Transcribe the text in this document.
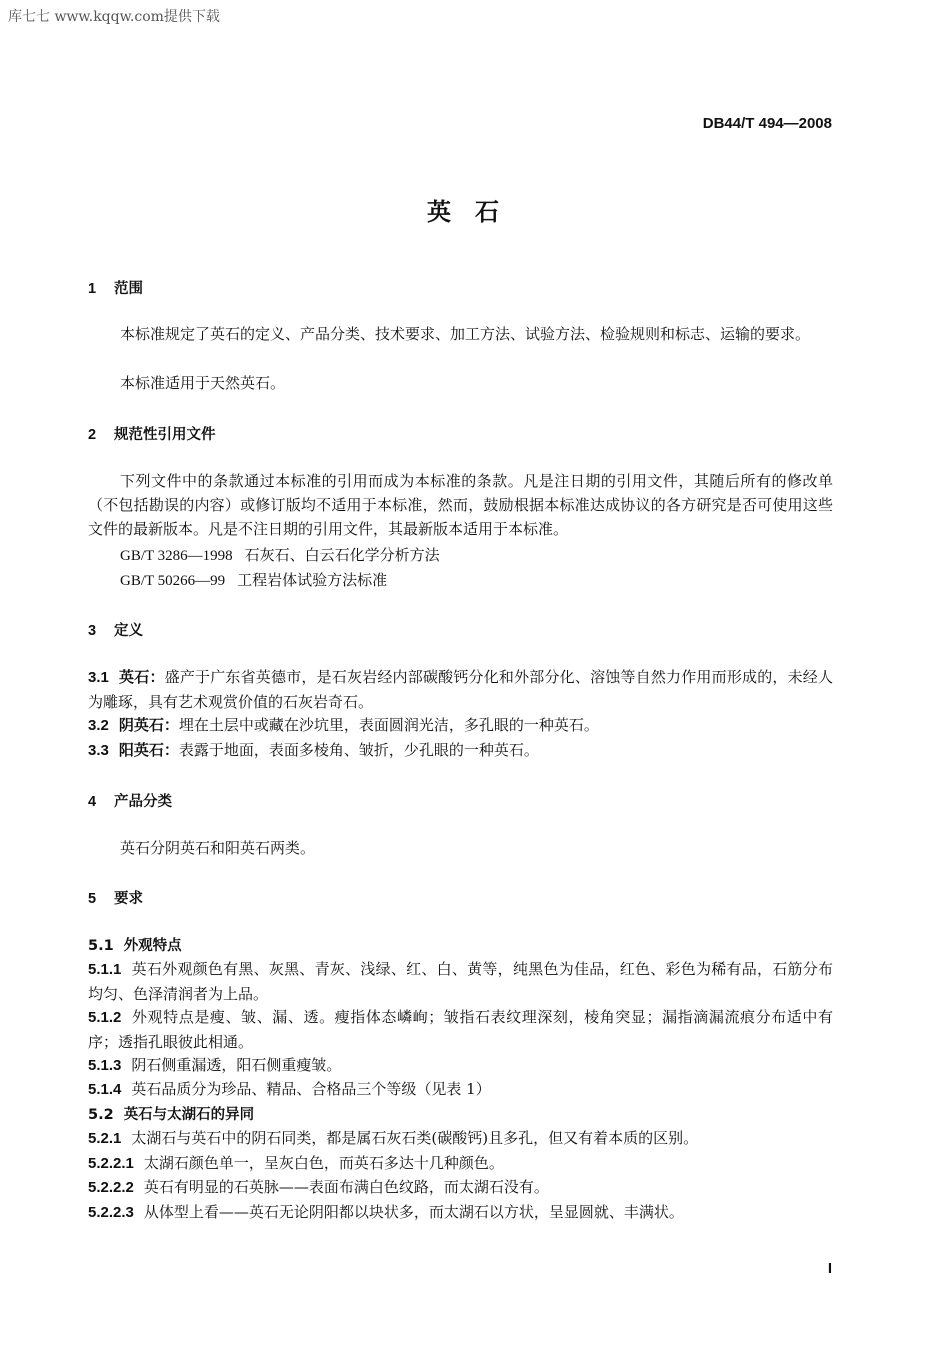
库七七 www.kqqw.com提供下载
DB44/T 494—2008
英石
1 范围
本标准规定了英石的定义、产品分类、技术要求、加工方法、试验方法、检验规则和标志、运输的要求。
本标准适用于天然英石。
2 规范性引用文件
下列文件中的条款通过本标准的引用而成为本标准的条款。凡是注日期的引用文件，其随后所有的修改单（不包括勘误的内容）或修订版均不适用于本标准，然而，鼓励根据本标准达成协议的各方研究是否可使用这些文件的最新版本。凡是不注日期的引用文件，其最新版本适用于本标准。
GB/T 3286—1998 石灰石、白云石化学分析方法
GB/T 50266—99 工程岩体试验方法标准
3 定义
3.1 英石：盛产于广东省英德市，是石灰岩经内部碳酸钙分化和外部分化、溶蚀等自然力作用而形成的，未经人为雕琢，具有艺术观赏价值的石灰岩奇石。
3.2 阴英石：埋在土层中或藏在沙坑里，表面圆润光洁，多孔眼的一种英石。
3.3 阳英石：表露于地面，表面多棱角、皱折，少孔眼的一种英石。
4 产品分类
英石分阴英石和阳英石两类。
5 要求
5.1 外观特点
5.1.1 英石外观颜色有黑、灰黑、青灰、浅绿、红、白、黄等，纯黑色为佳品，红色、彩色为稀有品，石筋分布均匀、色泽清润者为上品。
5.1.2 外观特点是瘦、皱、漏、透。瘦指体态嶙峋；皱指石表纹理深刻，棱角突显；漏指滴漏流痕分布适中有序；透指孔眼彼此相通。
5.1.3 阴石侧重漏透，阳石侧重瘦皱。
5.1.4 英石品质分为珍品、精品、合格品三个等级（见表 1）
5.2 英石与太湖石的异同
5.2.1 太湖石与英石中的阴石同类，都是属石灰石类(碳酸钙)且多孔，但又有着本质的区别。
5.2.2.1 太湖石颜色单一，呈灰白色，而英石多达十几种颜色。
5.2.2.2 英石有明显的石英脉——表面布满白色纹路，而太湖石没有。
5.2.2.3 从体型上看——英石无论阴阳都以块状多，而太湖石以方状，呈显圆就、丰满状。
I
